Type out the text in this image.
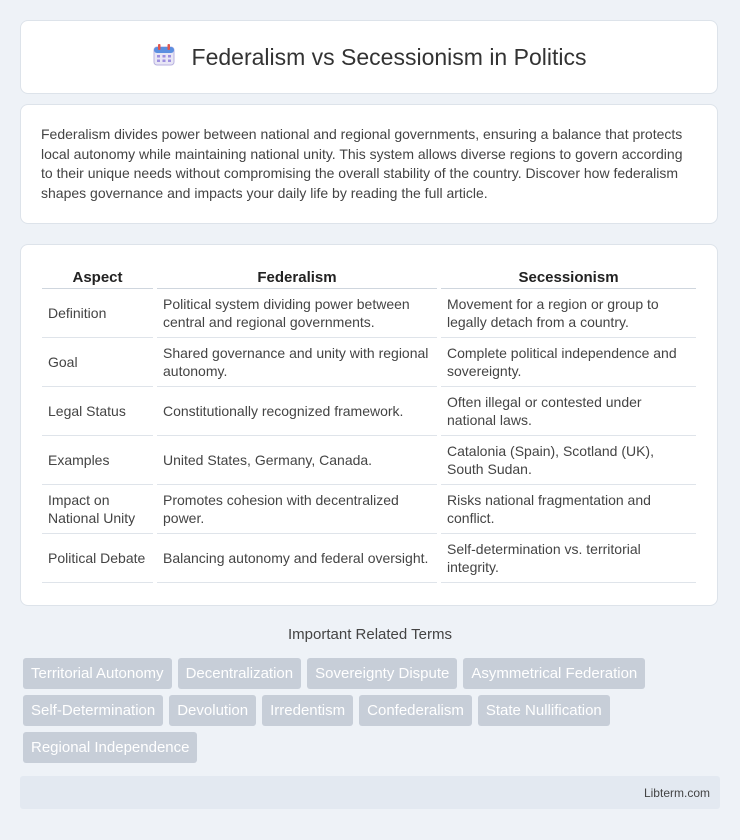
Federalism vs Secessionism in Politics

Federalism divides power between national and regional governments, ensuring a balance that protects local autonomy while maintaining national unity. This system allows diverse regions to govern according to their unique needs without compromising the overall stability of the country. Discover how federalism shapes governance and impacts your daily life by reading the full article.

Aspect	Federalism	Secessionism
Definition	Political system dividing power between central and regional governments.	Movement for a region or group to legally detach from a country.
Goal	Shared governance and unity with regional autonomy.	Complete political independence and sovereignty.
Legal Status	Constitutionally recognized framework.	Often illegal or contested under national laws.
Examples	United States, Germany, Canada.	Catalonia (Spain), Scotland (UK), South Sudan.
Impact on National Unity	Promotes cohesion with decentralized power.	Risks national fragmentation and conflict.
Political Debate	Balancing autonomy and federal oversight.	Self-determination vs. territorial integrity.
Important Related Terms
Territorial Autonomy	Decentralization	Sovereignty Dispute	Asymmetrical Federation
Self-Determination	Devolution	Irredentism	Confederalism	State Nullification
Regional Independence
Libterm.com
